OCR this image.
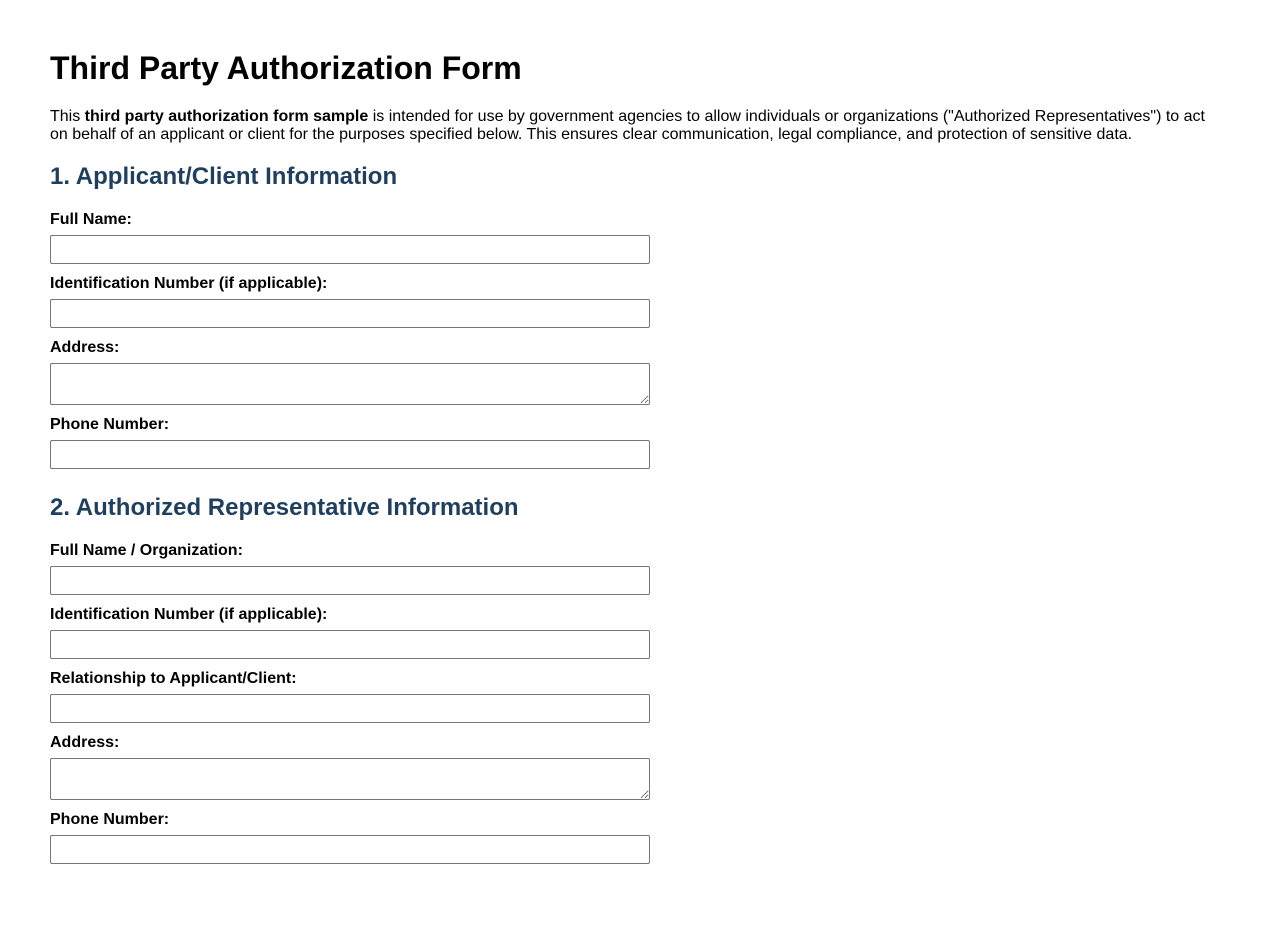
Third Party Authorization Form

This third party authorization form sample is intended for use by government agencies to allow individuals or organizations ("Authorized Representatives") to act on behalf of an applicant or client for the purposes specified below. This ensures clear communication, legal compliance, and protection of sensitive data.

1. Applicant/Client Information
Full Name:
Identification Number (if applicable):
Address:
Phone Number:
2. Authorized Representative Information
Full Name / Organization:
Identification Number (if applicable):
Relationship to Applicant/Client:
Address:
Phone Number:
